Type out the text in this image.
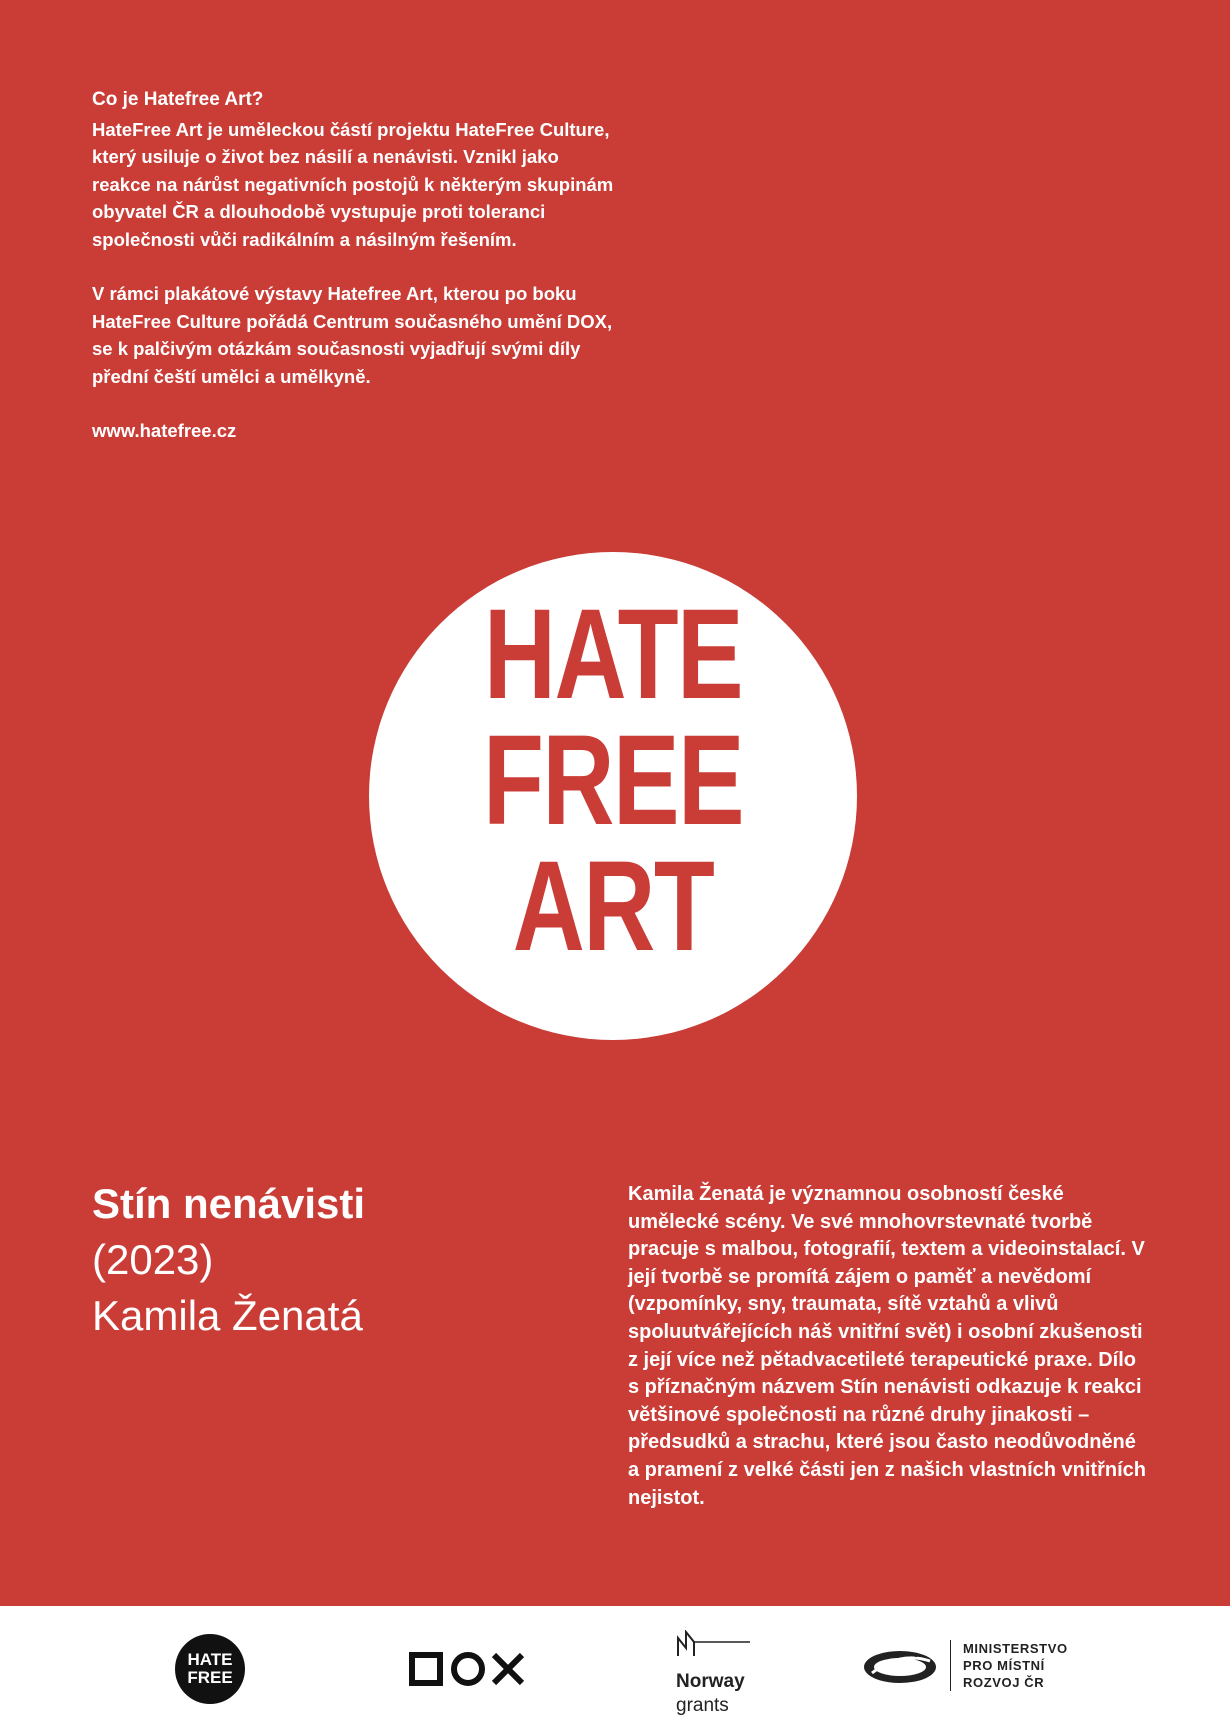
Co je Hatefree Art?

HateFree Art je uměleckou částí projektu HateFree Culture, který usiluje o život bez násilí a nenávisti. Vznikl jako reakce na nárůst negativních postojů k některým skupinám obyvatel ČR a dlouhodobě vystupuje proti toleranci společnosti vůči radikálním a násilným řešením.

V rámci plakátové výstavy Hatefree Art, kterou po boku HateFree Culture pořádá Centrum současného umění DOX, se k palčivým otázkám současnosti vyjadřují svými díly přední čeští umělci a umělkyně.

www.hatefree.cz

HATE
FREE
ART
Stín nenávisti
(2023)
Kamila Ženatá
Kamila Ženatá je významnou osobností české umělecké scény. Ve své mnohovrstevnaté tvorbě pracuje s malbou, fotografií, textem a videoinstalací. V její tvorbě se promítá zájem o paměť a nevědomí (vzpomínky, sny, traumata, sítě vztahů a vlivů spoluutvářejících náš vnitřní svět) i osobní zkušenosti z její více než pětadvacetileté terapeutické praxe. Dílo s příznačným názvem Stín nenávisti odkazuje k reakci většinové společnosti na různé druhy jinakosti – předsudků a strachu, které jsou často neodůvodněné a pramení z velké části jen z našich vlastních vnitřních nejistot.
HATE
FREE	Norway
grants
MINISTERSTVO
PRO MÍSTNÍ
ROZVOJ ČR
